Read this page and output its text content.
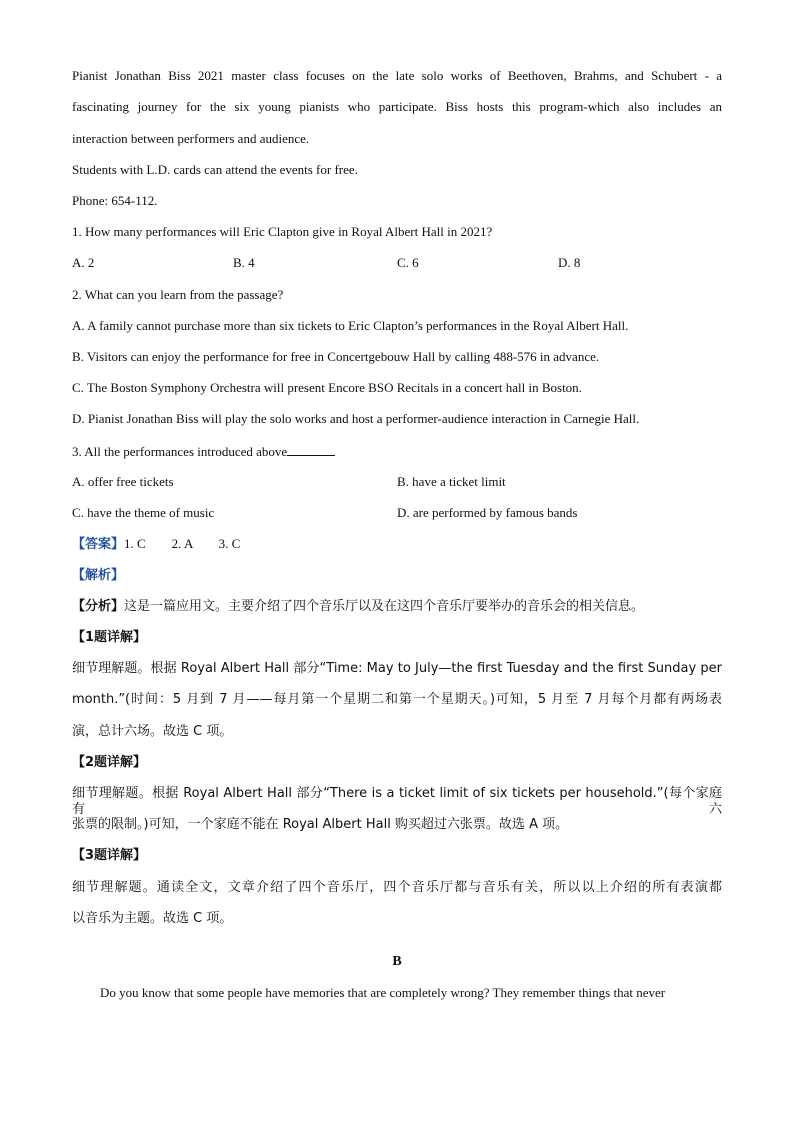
Pianist Jonathan Biss 2021 master class focuses on the late solo works of Beethoven, Brahms, and Schubert - a
fascinating journey for the six young pianists who participate. Biss hosts this program-which also includes an
interaction between performers and audience.
Students with L.D. cards can attend the events for free.
Phone: 654-112.
1. How many performances will Eric Clapton give in Royal Albert Hall in 2021?
A. 2	B. 4	C. 6	D. 8
2. What can you learn from the passage?
A. A family cannot purchase more than six tickets to Eric Clapton’s performances in the Royal Albert Hall.
B. Visitors can enjoy the performance for free in Concertgebouw Hall by calling 488-576 in advance.
C. The Boston Symphony Orchestra will present Encore BSO Recitals in a concert hall in Boston.
D. Pianist Jonathan Biss will play the solo works and host a performer-audience interaction in Carnegie Hall.
3. All the performances introduced above
A. offer free tickets	B. have a ticket limit
C. have the theme of music	D. are performed by famous bands
【答案】1. C        2. A        3. C
【解析】
【分析】这是一篇应用文。主要介绍了四个音乐厅以及在这四个音乐厅要举办的音乐会的相关信息。
【1题详解】
细节理解题。根据 Royal Albert Hall 部分“Time: May to July—the first Tuesday and the first Sunday per
month.”(时间：5 月到 7 月——每月第一个星期二和第一个星期天。)可知，5 月至 7 月每个月都有两场表
演，总计六场。故选 C 项。
【2题详解】
细节理解题。根据 Royal Albert Hall 部分“There is a ticket limit of six tickets per household.”(每个家庭有六
张票的限制。)可知，一个家庭不能在 Royal Albert Hall 购买超过六张票。故选 A 项。
【3题详解】
细节理解题。通读全文，文章介绍了四个音乐厅，四个音乐厅都与音乐有关，所以以上介绍的所有表演都
以音乐为主题。故选 C 项。
B
Do you know that some people have memories that are completely wrong? They remember things that never
